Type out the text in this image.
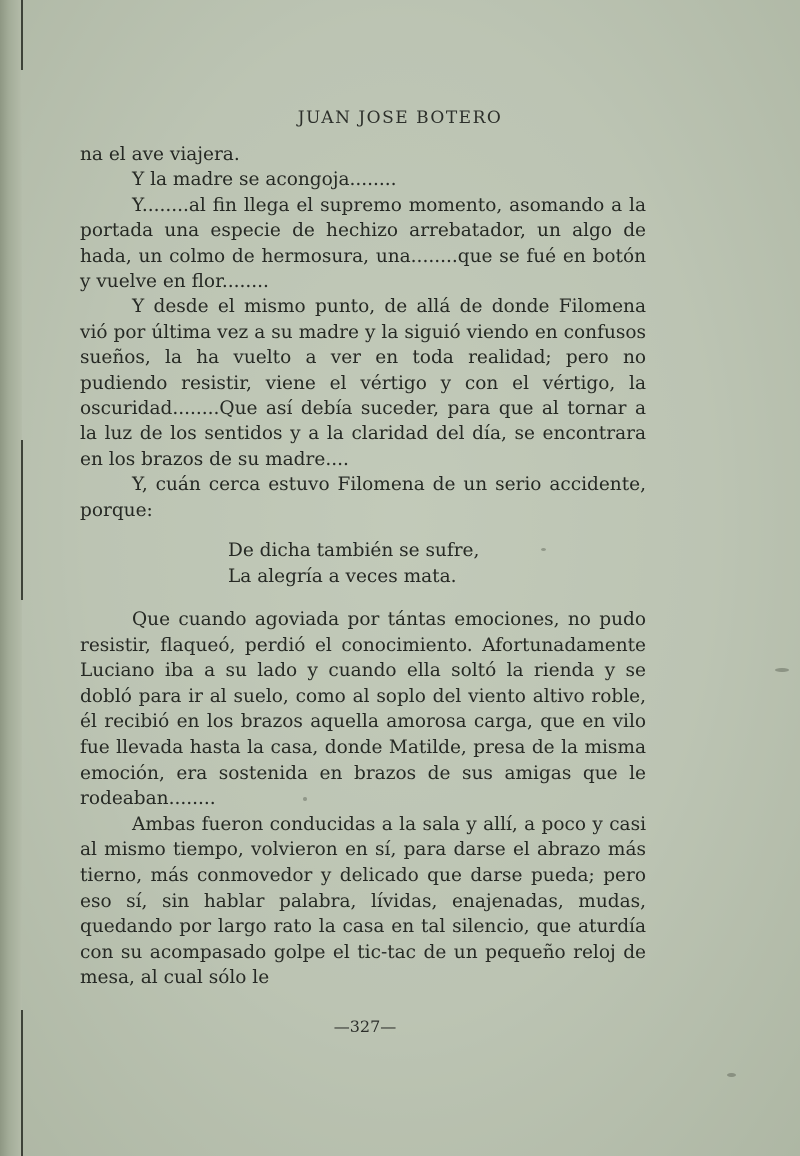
JUAN JOSE BOTERO

na el ave viajera.

Y la madre se acongoja........

Y........al fin llega el supremo momento, asomando a la portada una especie de hechizo arrebatador, un algo de hada, un colmo de hermosura, una........que se fué en botón y vuelve en flor........

Y desde el mismo punto, de allá de donde Filomena vió por última vez a su madre y la siguió viendo en confusos sueños, la ha vuelto a ver en toda realidad; pero no pudiendo resistir, viene el vértigo y con el vértigo, la oscuridad........Que así debía suceder, para que al tornar a la luz de los sentidos y a la claridad del día, se encontrara en los brazos de su madre....

Y, cuán cerca estuvo Filomena de un serio accidente, porque:

De dicha también se sufre,
La alegría a veces mata.

Que cuando agoviada por tántas emociones, no pudo resistir, flaqueó, perdió el conocimiento. Afortunadamente Luciano iba a su lado y cuando ella soltó la rienda y se dobló para ir al suelo, como al soplo del viento altivo roble, él recibió en los brazos aquella amorosa carga, que en vilo fue llevada hasta la casa, donde Matilde, presa de la misma emoción, era sostenida en brazos de sus amigas que le rodeaban........

Ambas fueron conducidas a la sala y allí, a poco y casi al mismo tiempo, volvieron en sí, para darse el abrazo más tierno, más conmovedor y delicado que darse pueda; pero eso sí, sin hablar palabra, lívidas, enajenadas, mudas, quedando por largo rato la casa en tal silencio, que aturdía con su acompasado golpe el tic-tac de un pequeño reloj de mesa, al cual sólo le

—327—
